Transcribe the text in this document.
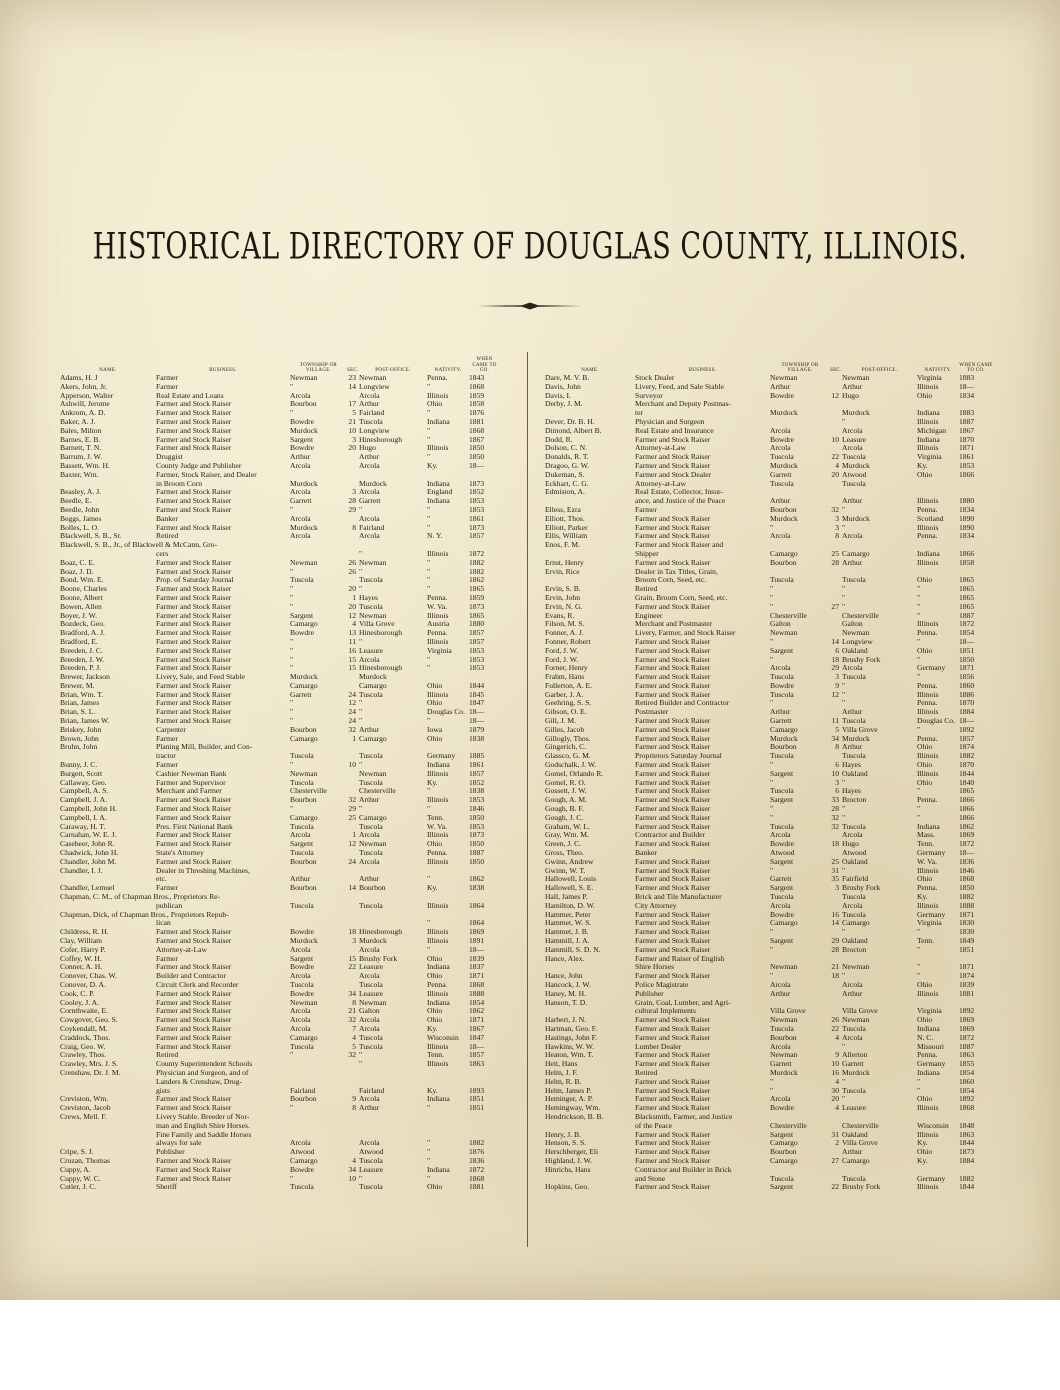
HISTORICAL DIRECTORY OF DOUGLAS COUNTY, ILLINOIS.
NAME.	BUSINESS.
TOWNSHIP OR VILLAGE.	SEC.	POST-OFFICE.	NATIVITY.
WHEN CAME TO CO.
Adams, H. J	Farmer	Newman	23 Newman	Penna.	1843
Akers, John, Jr.	Farmer	"	14 Longview	"	1868
Apperson, Walter	Real Estate and Loans	Arcola	Arcola	Illinois	1859
Ashwill, Jerome	Farmer and Stock Raiser	Bourbon	17 Arthur	Ohio	1858
Ankrom, A. D.	Farmer and Stock Raiser	"	5 Fairland	"	1876
Baker, A. J.	Farmer and Stock Raiser	Bowdre	21 Tuscola	Indiana	1881
Bales, Milton	Farmer and Stock Raiser	Murdock	10 Longview	"	1868
Barnes, E. B.	Farmer and Stock Raiser	Sargent	3 Hinesborough	"	1867
Barnett, T. N.	Farmer and Stock Raiser	Bowdre	20 Hugo	Illinois	1850
Barrum, J. W.	Druggist	Arthur	Arthur	"	1850
Bassett, Wm. H.	County Judge and Publisher	Arcola	Arcola	Ky.	18—
Baxter, Wm.	Farmer, Stock Raiser, and Dealer
in Broom Corn	Murdock	Murdock	Indiana	1873
Beasley, A. J.	Farmer and Stock Raiser	Arcola	3 Arcola	England	1852
Beedle, E.	Farmer and Stock Raiser	Garrett	28 Garrett	Indiana	1853
Beedle, John	Farmer and Stock Raiser	"	29 "	"	1853
Beggs, James	Banker	Arcola	Arcola	"	1861
Bolles, L. O.	Farmer and Stock Raiser	Murdock	8 Fairland	"	1873
Blackwell, S. B., Sr.	Retired	Arcola	Arcola	N. Y.	1857
Blackwell, S. B., Jr., of Blackwell & McCann, Gro-
cers	"	Illinois	1872
Boaz, C. E.	Farmer and Stock Raiser	Newman	26 Newman	"	1882
Boaz, J. D.	Farmer and Stock Raiser	"	26 "	"	1882
Bond, Wm. E.	Prop. of Saturday Journal	Tuscola	Tuscola	"	1862
Boone, Charles	Farmer and Stock Raiser	"	20 "	"	1865
Boone, Albert	Farmer and Stock Raiser	"	1 Hayes	Penna.	1859
Bowen, Allen	Farmer and Stock Raiser	"	20 Tuscola	W. Va.	1873
Boyer, J. W.	Farmer and Stock Raiser	Sargent	12 Newman	Illinois	1865
Bozdeck, Geo.	Farmer and Stock Raiser	Camargo	4 Villa Grove	Austria	1880
Bradford, A. J.	Farmer and Stock Raiser	Bowdre	13 Hinesborough	Penna.	1857
Bradford, E.	Farmer and Stock Raiser	"	11 "	Illinois	1857
Breeden, J. C.	Farmer and Stock Raiser	"	16 Leasure	Virginia	1853
Breeden, J. W.	Farmer and Stock Raiser	"	15 Arcola	"	1853
Breeden, P. J.	Farmer and Stock Raiser	"	15 Hinesborough	"	1853
Brewer, Jackson	Livery, Sale, and Feed Stable	Murdock	Murdock
Brewer, M.	Farmer and Stock Raiser	Camargo	Camargo	Ohio	1844
Brian, Wm. T.	Farmer and Stock Raiser	Garrett	24 Tuscola	Illinois	1845
Brian, James	Farmer and Stock Raiser	"	12 "	Ohio	1847
Brian, S. L.	Farmer and Stock Raiser	"	24 "	Douglas Co. 18—
Brian, James W.	Farmer and Stock Raiser	"	24 "	"	18—
Briskey, John	Carpenter	Bourbon	32 Arthur	Iowa	1879
Brown, John	Farmer	Camargo	1 Camargo	Ohio	1838
Bruhn, John	Planing Mill, Builder, and Con-
tractor	Tuscola	Tuscola	Germany	1885
Bunny, J. C.	Farmer	"	10 "	Indiana	1861
Burgett, Scott	Cashier Newman Bank	Newman	Newman	Illinois	1857
Callaway, Geo.	Farmer and Supervisor	Tuscola	Tuscola	Ky.	1852
Campbell, A. S.	Merchant and Farmer	Chesterville	Chesterville	"	1838
Campbell, J. A.	Farmer and Stock Raiser	Bourbon	32 Arthur	Illinois	1853
Campbell, John H.	Farmer and Stock Raiser	"	29 "	"	1846
Campbell, I. A.	Farmer and Stock Raiser	Camargo	25 Camargo	Tenn.	1850
Caraway, H. T.	Pres. First National Bank	Tuscola	Tuscola	W. Va.	1853
Carnahan, W. E. J.	Farmer and Stock Raiser	Arcola	1 Arcola	Illinois	1873
Casebeer, John R.	Farmer and Stock Raiser	Sargent	12 Newman	Ohio	1850
Chadwick, John H.	State's Attorney	Tuscola	Tuscola	Penna.	1887
Chandler, John M.	Farmer and Stock Raiser	Bourbon	24 Arcola	Illinois	1850
Chandler, I. J.	Dealer in Threshing Machines,
etc.	Arthur	Arthur	"	1862
Chandler, Lemuel	Farmer	Bourbon	14 Bourbon	Ky.	1838
Chapman, C. M., of Chapman Bros., Proprietors Re-
publican	Tuscola	Tuscola	Illinois	1864
Chapman, Dick, of Chapman Bros., Proprietors Repub-
lican	"	1864
Childress, R. H.	Farmer and Stock Raiser	Bowdre	18 Hinesborough	Illinois	1869
Clay, William	Farmer and Stock Raiser	Murdock	3 Murdock	Illinois	1891
Cofer, Harry P.	Attorney-at-Law	Arcola	Arcola	"	18—
Coffey, W. H.	Farmer	Sargent	15 Brushy Fork	Ohio	1839
Conner, A. H.	Farmer and Stock Raiser	Bowdre	22 Leasure	Indiana	1837
Conover, Chas. W.	Builder and Contractor	Arcola	Arcola	Ohio	1871
Conover, D. A.	Circuit Clerk and Recorder	Tuscola	Tuscola	Penna.	1868
Cook, C. P.	Farmer and Stock Raiser	Bowdre	34 Leasure	Illinois	1888
Cooley, J. A.	Farmer and Stock Raiser	Newman	8 Newman	Indiana	1854
Cornthwaite, E.	Farmer and Stock Raiser	Arcola	21 Galton	Ohio	1862
Cowgover, Geo. S.	Farmer and Stock Raiser	Arcola	32 Arcola	Ohio	1871
Coykendall, M.	Farmer and Stock Raiser	Arcola	7 Arcola	Ky.	1867
Craddock, Thos.	Farmer and Stock Raiser	Camargo	4 Tuscola	Wisconsin	1847
Craig, Geo. W.	Farmer and Stock Raiser	Tuscola	5 Tuscola	Illinois	18—
Crawley, Thos.	Retired	"	32 "	Tenn.	1857
Crawley, Mrs. J. S.	County Superintendent Schools	"	Illinois	1863
Crenshaw, Dr. J. M.	Physician and Surgeon, and of
Landers & Crenshaw, Drug-
gists	Fairland	Fairland	Ky.	1893
Creviston, Wm.	Farmer and Stock Raiser	Bourbon	9 Arcola	Indiana	1851
Creviston, Jacob	Farmer and Stock Raiser	"	8 Arthur	"	1851
Crews, Mell. F.	Livery Stable. Breeder of Nor-
man and English Shire Horses.
Fine Family and Saddle Horses
always for sale	Arcola	Arcola	"	1882
Cripe, S. J.	Publisher	Atwood	Atwood	"	1876
Cruzan, Thomas	Farmer and Stock Raiser	Camargo	4 Tuscola	"	1836
Cuppy, A.	Farmer and Stock Raiser	Bowdre	34 Leasure	Indiana	1872
Cuppy, W. C.	Farmer and Stock Raiser	"	10 "	"	1868
Cutler, J. C.	Sheriff	Tuscola	Tuscola	Ohio	1881
NAME.	BUSINESS.
TOWNSHIP OR VILLAGE.	SEC.	POST-OFFICE.	NATIVITY.
WHEN CAME TO CO.
Dare, M. V. B.	Stock Dealer	Newman	Newman	Virginia	1883
Davis, John	Livery, Feed, and Sale Stable	Arthur	Arthur	Illinois	18—
Davis, I.	Surveyor	Bowdre	12 Hugo	Ohio	1834
Derby, J. M.	Merchant and Deputy Postmas-
ter	Murdock	Murdock	Indiana	1883
Dever, Dr. B. H.	Physician and Surgeon	"	Illinois	1887
Dimond, Albert B.	Real Estate and Insurance	Arcola	Arcola	Michigan	1867
Dodd, R.	Farmer and Stock Raiser	Bowdre	10 Leasure	Indiana	1870
Dolson, C. N.	Attorney-at-Law	Arcola	Arcola	Illinois	1871
Donalds, R. T.	Farmer and Stock Raiser	Tuscola	22 Tuscola	Virginia	1861
Dragoo, G. W.	Farmer and Stock Raiser	Murdock	4 Murdock	Ky.	1853
Dukeman, S.	Farmer and Stock Dealer	Garrett	20 Atwood	Ohio	1866
Eckhart, C. G.	Attorney-at-Law	Tuscola	Tuscola
Edmiston, A.	Real Estate, Collector, Insur-
ance, and Justice of the Peace	Arthur	Arthur	Illinois	1880
Elless, Ezra	Farmer	Bourbon	32 "	Penna.	1834
Elliott, Thos.	Farmer and Stock Raiser	Murdock	3 Murdock	Scotland	1890
Elliott, Parker	Farmer and Stock Raiser	"	3 "	Illinois	1890
Ellis, William	Farmer and Stock Raiser	Arcola	8 Arcola	Penna.	1834
Enos, F. M.	Farmer and Stock Raiser and
Shipper	Camargo	25 Camargo	Indiana	1866
Ernst, Henry	Farmer and Stock Raiser	Bourbon	28 Arthur	Illinois	1858
Ervin, Rice	Dealer in Tax Titles, Grain,
Broom Corn, Seed, etc.	Tuscola	Tuscola	Ohio	1865
Ervin, S. B.	Retired	"	"	"	1865
Ervin, John	Grain, Broom Corn, Seed, etc.	"	"	"	1865
Ervin, N. G.	Farmer and Stock Raiser	"	27 "	"	1865
Evans, R.	Engineer	Chesterville	Chesterville	"	1887
Filson, M. S.	Merchant and Postmaster	Galton	Galton	Illinois	1872
Fonner, A. J.	Livery, Farmer, and Stock Raiser	Newman	Newman	Penna.	1854
Fonner, Robert	Farmer and Stock Raiser	"	14 Longview	"	18—
Ford, J. W.	Farmer and Stock Raiser	Sargent	6 Oakland	Ohio	1851
Ford, J. W.	Farmer and Stock Raiser	"	18 Brushy Fork	"	1850
Forner, Henry	Farmer and Stock Raiser	Arcola	29 Arcola	Germany	1871
Frahm, Hans	Farmer and Stock Raiser	Tuscola	3 Tuscola	"	1856
Fullerton, A. E.	Farmer and Stock Raiser	Bowdre	9 "	Penna.	1860
Garber, J. A.	Farmer and Stock Raiser	Tuscola	12 "	Illinois	1886
Geehring, S. S.	Retired Builder and Contractor	"	"	Penna.	1870
Gibson, O. E.	Postmaster	Arthur	Arthur	Illinois	1884
Gill, J. M.	Farmer and Stock Raiser	Garrett	11 Tuscola	Douglas Co. 18—
Gilles, Jacob	Farmer and Stock Raiser	Camargo	5 Villa Grove	"	1892
Gillogly, Thos.	Farmer and Stock Raiser	Murdock	34 Murdock	Penna.	1857
Gingerich, C.	Farmer and Stock Raiser	Bourbon	8 Arthur	Ohio	1874
Glassco, G. M.	Proprietors Saturday Journal	Tuscola	Tuscola	Illinois	1882
Godschalk, J. W.	Farmer and Stock Raiser	"	6 Hayes	Ohio	1870
Gomel, Orlando R.	Farmer and Stock Raiser	Sargent	10 Oakland	Illinois	1844
Gomel, R. O.	Farmer and Stock Raiser	"	3 "	Ohio	1840
Gossett, J. W.	Farmer and Stock Raiser	Tuscola	6 Hayes	"	1865
Gough, A. M.	Farmer and Stock Raiser	Sargent	33 Brocton	Penna.	1866
Gough, B. F.	Farmer and Stock Raiser	"	28 "	"	1866
Gough, J. C.	Farmer and Stock Raiser	"	32 "	"	1866
Graham, W. L.	Farmer and Stock Raiser	Tuscola	32 Tuscola	Indiana	1862
Gray, Wm. M.	Contractor and Builder	Arcola	Arcola	Mass.	1869
Green, J. C.	Farmer and Stock Raiser	Bowdre	18 Hugo	Tenn.	1872
Gross, Theo.	Banker	Atwood	Atwood	Germany	18—
Gwinn, Andrew	Farmer and Stock Raiser	Sargent	25 Oakland	W. Va.	1836
Gwinn, W. T.	Farmer and Stock Raiser	"	31 "	Illinois	1846
Hallowell, Louis	Farmer and Stock Raiser	Garrett	35 Fairfield	Ohio	1868
Hallowell, S. E.	Farmer and Stock Raiser	Sargent	3 Brushy Fork	Penna.	1850
Hall, James P.	Brick and Tile Manufacturer	Tuscola	Tuscola	Ky.	1882
Hamilton, D. W.	City Attorney	Arcola	Arcola	Illinois	1888
Hammer, Peter	Farmer and Stock Raiser	Bowdre	16 Tuscola	Germany	1871
Hammet, W. S.	Farmer and Stock Raiser	Camargo	14 Camargo	Virginia	1830
Hammet, J. B.	Farmer and Stock Raiser	"	"	"	1830
Hammill, J. A.	Farmer and Stock Raiser	Sargent	29 Oakland	Tenn.	1849
Hammill, S. D. N.	Farmer and Stock Raiser	"	28 Brocton	"	1851
Hance, Alex.	Farmer and Raiser of English
Shire Horses	Newman	21 Newman	"	1871
Hance, John	Farmer and Stock Raiser	"	18 "	"	1874
Hancock, J. W.	Police Magistrate	Arcola	Arcola	Ohio	1839
Haney, M. H.	Publisher	Arthur	Arthur	Illinois	1881
Hanson, T. D.	Grain, Coal, Lumber, and Agri-
cultural Implements	Villa Grove	Villa Grove	Virginia	1892
Harbert, J. N.	Farmer and Stock Raiser	Newman	26 Newman	Ohio	1869
Hartman, Geo. F.	Farmer and Stock Raiser	Tuscola	22 Tuscola	Indiana	1869
Hastings, John F.	Farmer and Stock Raiser	Bourbon	4 Arcola	N. C.	1872
Hawkins, W. W.	Lumber Dealer	Arcola	"	Missouri	1887
Heaton, Wm. T.	Farmer and Stock Raiser	Newman	9 Allerton	Penna.	1863
Heit, Hans	Farmer and Stock Raiser	Garrett	10 Garrett	Germany	1855
Helm, J. F.	Retired	Murdock	16 Murdock	Indiana	1854
Helm, R. B.	Farmer and Stock Raiser	"	4 "	"	1860
Helm, James P.	Farmer and Stock Raiser	"	30 Tuscola	"	1854
Heminger, A. P.	Farmer and Stock Raiser	Arcola	20 "	Ohio	1892
Hemingway, Wm.	Farmer and Stock Raiser	Bowdre	4 Leasure	Illinois	1868
Hendrickson, B. B.	Blacksmith, Farmer, and Justice
of the Peace	Chesterville	Chesterville	Wisconsin	1848
Henry, J. B.	Farmer and Stock Raiser	Sargent	31 Oakland	Illinois	1863
Henson, S. S.	Farmer and Stock Raiser	Camargo	2 Villa Grove	Ky.	1844
Herschberger, Eli	Farmer and Stock Raiser	Bourbon	Arthur	Ohio	1873
Highland, J. W.	Farmer and Stock Raiser	Camargo	27 Camargo	Ky.	1884
Hinrichs, Hans	Contractor and Builder in Brick
and Stone	Tuscola	Tuscola	Germany	1882
Hopkins, Geo.	Farmer and Stock Raiser	Sargent	22 Brushy Fork	Illinois	1844
